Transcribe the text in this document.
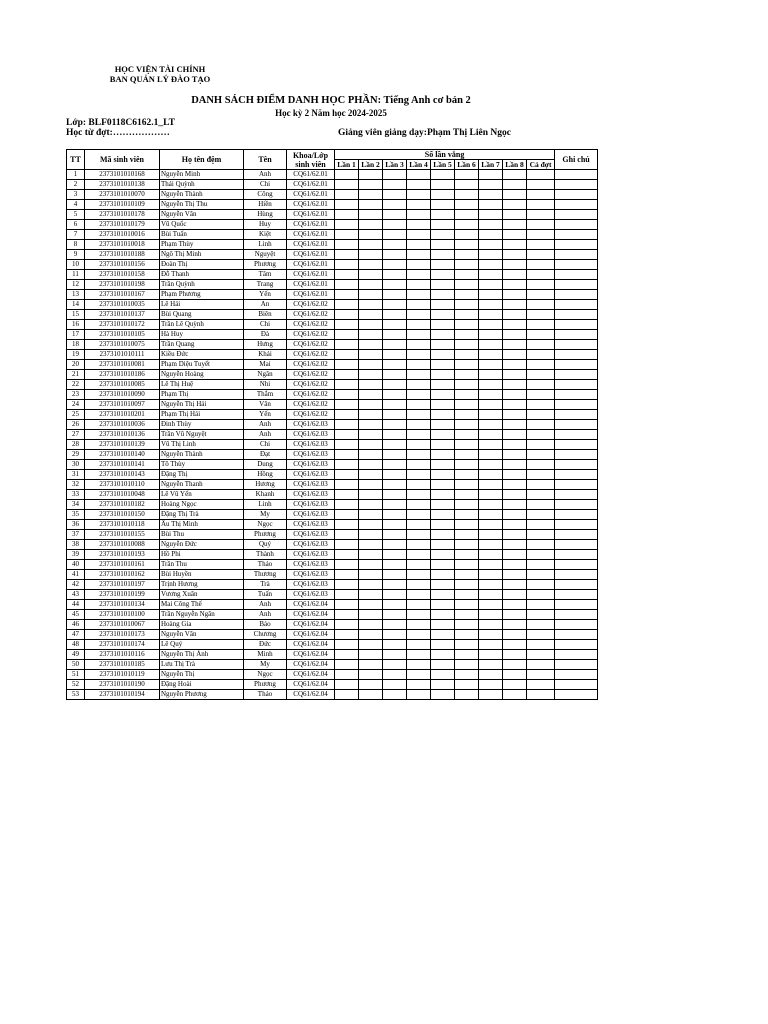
HỌC VIỆN TÀI CHÍNH
BAN QUẢN LÝ ĐÀO TẠO
DANH SÁCH ĐIỂM DANH HỌC PHẦN: Tiếng Anh cơ bản 2
Học kỳ 2 Năm học 2024-2025
Lớp: BLF0118C6162.1_LT
Học từ đợt:………………	Giảng viên giảng dạy:Phạm Thị Liên Ngọc
TT	Mã sinh viên	Họ tên đệm	Tên	Khoa/Lớp sinh viên	Số lần vắng									Ghi chú
					Lần 1	Lần 2	Lần 3	Lần 4	Lần 5	Lần 6	Lần 7	Lần 8	Cả đợt	
1	2373101010168	Nguyễn Minh	Anh	CQ61/62.01										
2	2373101010138	Thái Quỳnh	Chi	CQ61/62.01										
3	2373101010070	Nguyễn Thành	Công	CQ61/62.01										
4	2373101010109	Nguyễn Thị Thu	Hiền	CQ61/62.01										
5	2373101010178	Nguyễn Văn	Hùng	CQ61/62.01										
6	2373101010179	Vũ Quốc	Huy	CQ61/62.01										
7	2373101010016	Bùi Tuấn	Kiệt	CQ61/62.01										
8	2373101010018	Phạm Thùy	Linh	CQ61/62.01										
9	2373101010188	Ngô Thị Minh	Nguyệt	CQ61/62.01										
10	2373101010156	Đoàn Thị	Phương	CQ61/62.01										
11	2373101010158	Đỗ Thanh	Tâm	CQ61/62.01										
12	2373101010198	Trần Quỳnh	Trang	CQ61/62.01										
13	2373101010167	Phạm Phương	Yến	CQ61/62.01										
14	2373101010035	Lê Hải	An	CQ61/62.02										
15	2373101010137	Bùi Quang	Biên	CQ61/62.02										
16	2373101010172	Trần Lê Quỳnh	Chi	CQ61/62.02										
17	2373101010105	Hà Huy	Đà	CQ61/62.02										
18	2373101010075	Trần Quang	Hưng	CQ61/62.02										
19	2373101010111	Kiều Đức	Khải	CQ61/62.02										
20	2373101010081	Phạm Diệu Tuyết	Mai	CQ61/62.02										
21	2373101010186	Nguyễn Hoàng	Ngân	CQ61/62.02										
22	2373101010085	Lê Thị Huệ	Nhi	CQ61/62.02										
23	2373101010090	Phạm Thị	Thắm	CQ61/62.02										
24	2373101010097	Nguyễn Thị Hải	Vân	CQ61/62.02										
25	2373101010201	Phạm Thị Hải	Yến	CQ61/62.02										
26	2373101010036	Đinh Thùy	Anh	CQ61/62.03										
27	2373101010136	Trần Vũ Nguyệt	Anh	CQ61/62.03										
28	2373101010139	Vũ Thị Linh	Chi	CQ61/62.03										
29	2373101010140	Nguyễn Thành	Đạt	CQ61/62.03										
30	2373101010141	Tô Thùy	Dung	CQ61/62.03										
31	2373101010143	Đặng Thị	Hồng	CQ61/62.03										
32	2373101010110	Nguyễn Thanh	Hương	CQ61/62.03										
33	2373101010048	Lê Vũ Yến	Khanh	CQ61/62.03										
34	2373101010182	Hoàng Ngọc	Linh	CQ61/62.03										
35	2373101010150	Đặng Thị Trà	My	CQ61/62.03										
36	2373101010118	Âu Thị Minh	Ngọc	CQ61/62.03										
37	2373101010155	Bùi Thu	Phương	CQ61/62.03										
38	2373101010088	Nguyễn Đức	Quý	CQ61/62.03										
39	2373101010193	Hồ Phi	Thành	CQ61/62.03										
40	2373101010161	Trần Thu	Thảo	CQ61/62.03										
41	2373101010162	Bùi Huyền	Thương	CQ61/62.03										
42	2373101010197	Trịnh Hương	Trà	CQ61/62.03										
43	2373101010199	Vương Xuân	Tuấn	CQ61/62.03										
44	2373101010134	Mai Công Thế	Anh	CQ61/62.04										
45	2373101010100	Trần Nguyễn Ngân	Anh	CQ61/62.04										
46	2373101010067	Hoàng Gia	Bảo	CQ61/62.04										
47	2373101010173	Nguyễn Văn	Chương	CQ61/62.04										
48	2373101010174	Lê Quý	Đức	CQ61/62.04										
49	2373101010116	Nguyễn Thị Ánh	Minh	CQ61/62.04										
50	2373101010185	Lưu Thị Trà	My	CQ61/62.04										
51	2373101010119	Nguyễn Thị	Ngọc	CQ61/62.04										
52	2373101010190	Đặng Hoài	Phương	CQ61/62.04										
53	2373101010194	Nguyễn Phương	Thảo	CQ61/62.04										
